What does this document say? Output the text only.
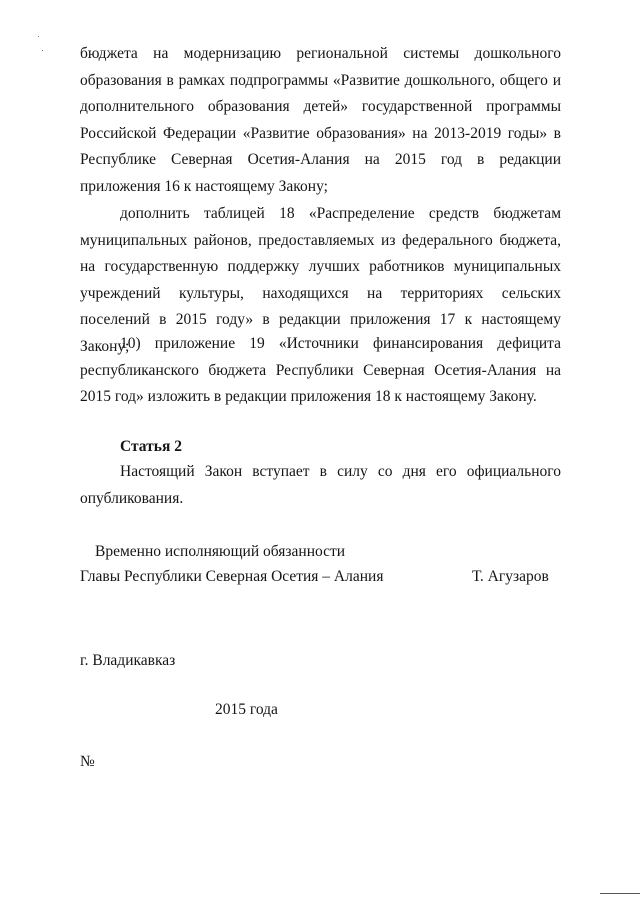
бюджета на модернизацию региональной системы дошкольного образования в рамках подпрограммы «Развитие дошкольного, общего и дополнительного образования детей» государственной программы Российской Федерации «Развитие образования» на 2013-2019 годы» в Республике Северная Осетия-Алания на 2015 год в редакции приложения 16 к настоящему Закону;

дополнить таблицей 18 «Распределение средств бюджетам муниципальных районов, предоставляемых из федерального бюджета, на государственную поддержку лучших работников муниципальных учреждений культуры, находящихся на территориях сельских поселений в 2015 году» в редакции приложения 17 к настоящему Закону;

10) приложение 19 «Источники финансирования дефицита республиканского бюджета Республики Северная Осетия-Алания на 2015 год» изложить в редакции приложения 18 к настоящему Закону.

Статья 2

Настоящий Закон вступает в силу со дня его официального опубликования.

Временно исполняющий обязанности

Главы Республики Северная Осетия – Алания	Т. Агузаров

г. Владикавказ

2015 года

№
